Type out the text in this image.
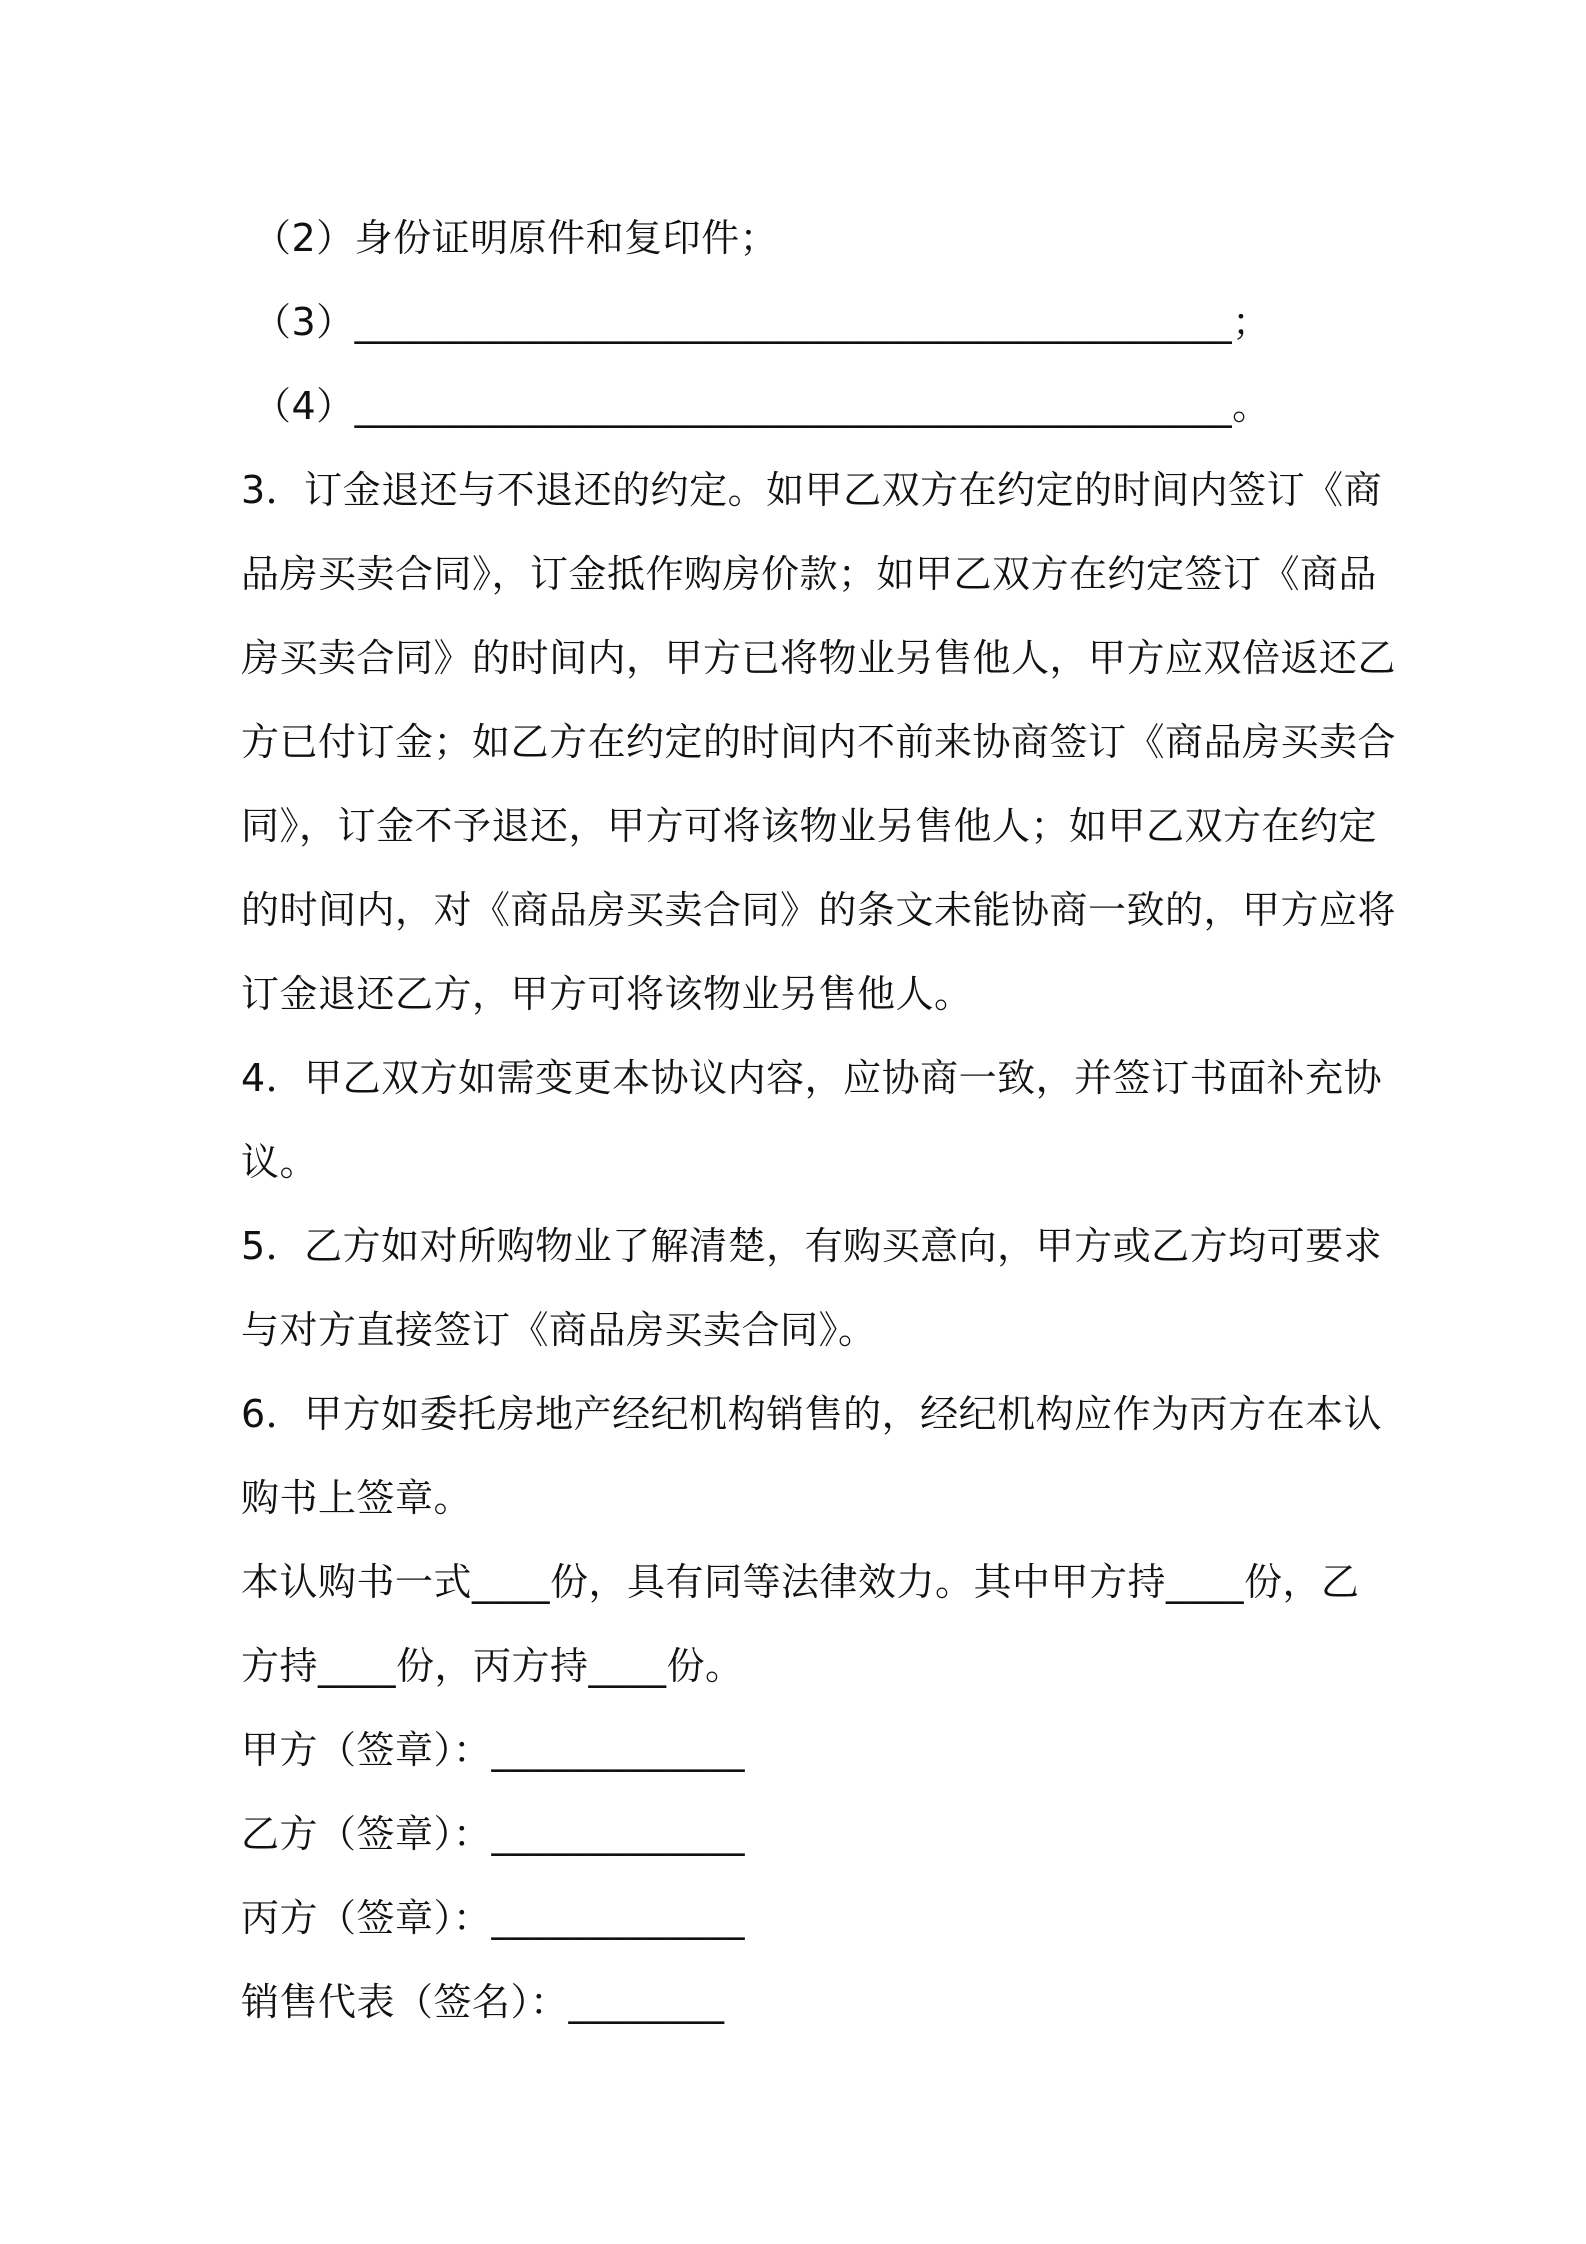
（2）身份证明原件和复印件；
（3）_____________________________________________；
（4）_____________________________________________。
3．订金退还与不退还的约定。如甲乙双方在约定的时间内签订《商
品房买卖合同》，订金抵作购房价款；如甲乙双方在约定签订《商品
房买卖合同》的时间内，甲方已将物业另售他人，甲方应双倍返还乙
方已付订金；如乙方在约定的时间内不前来协商签订《商品房买卖合
同》，订金不予退还，甲方可将该物业另售他人；如甲乙双方在约定
的时间内，对《商品房买卖合同》的条文未能协商一致的，甲方应将
订金退还乙方，甲方可将该物业另售他人。
4．甲乙双方如需变更本协议内容，应协商一致，并签订书面补充协
议。
5．乙方如对所购物业了解清楚，有购买意向，甲方或乙方均可要求
与对方直接签订《商品房买卖合同》。
6．甲方如委托房地产经纪机构销售的，经纪机构应作为丙方在本认
购书上签章。
本认购书一式____份，具有同等法律效力。其中甲方持____份，乙
方持____份，丙方持____份。
甲方（签章）：_____________
乙方（签章）：_____________
丙方（签章）：_____________
销售代表（签名）：________
